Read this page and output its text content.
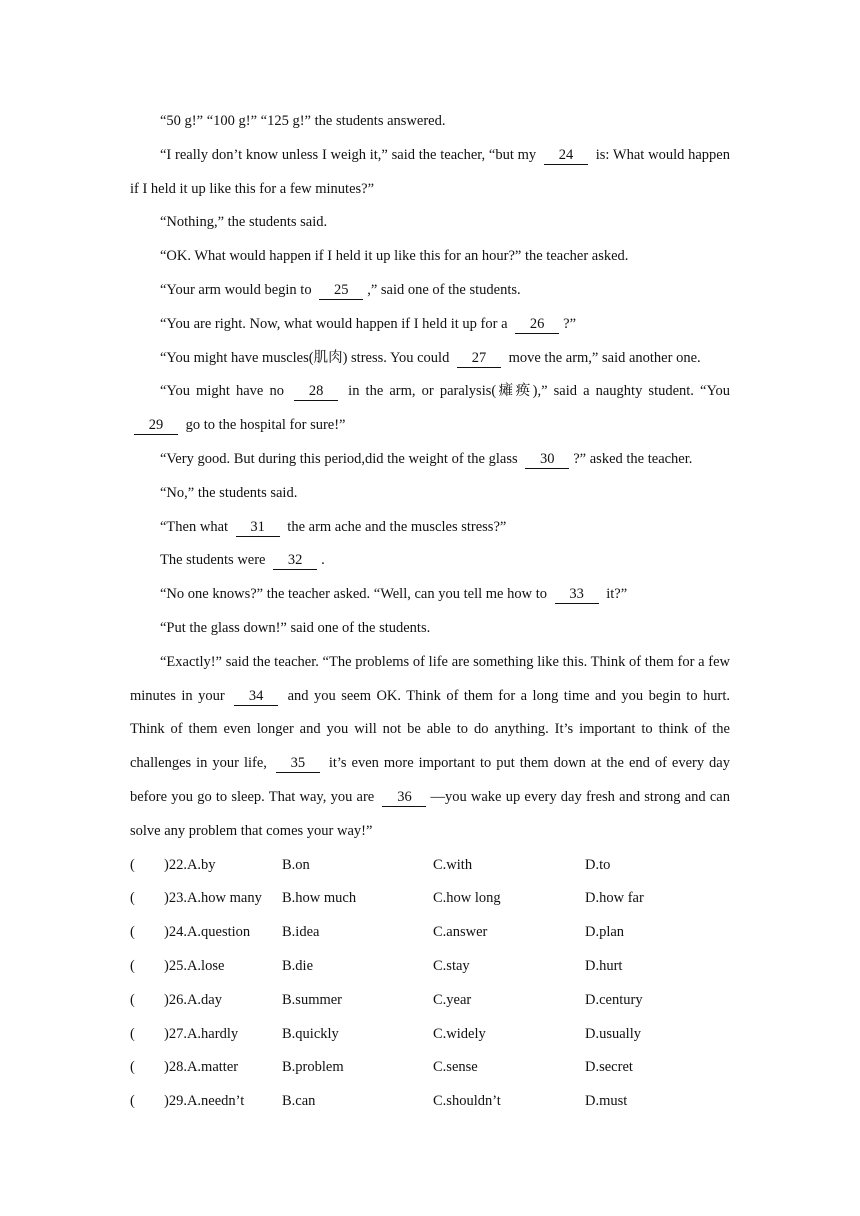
“50 g!” “100 g!” “125 g!” the students answered.

“I really don’t know unless I weigh it,” said the teacher, “but my 24 is: What would happen if I held it up like this for a few minutes?”

“Nothing,” the students said.

“OK. What would happen if I held it up like this for an hour?” the teacher asked.

“Your arm would begin to 25 ,” said one of the students.

“You are right. Now, what would happen if I held it up for a 26 ?”

“You might have muscles(肌肉) stress. You could 27 move the arm,” said another one.

“You might have no 28 in the arm, or paralysis(瘫痪),” said a naughty student. “You 29 go to the hospital for sure!”

“Very good. But during this period,did the weight of the glass 30 ?” asked the teacher.

“No,” the students said.

“Then what 31 the arm ache and the muscles stress?”

The students were 32 .

“No one knows?” the teacher asked. “Well, can you tell me how to 33 it?”

“Put the glass down!” said one of the students.

“Exactly!” said the teacher. “The problems of life are something like this. Think of them for a few minutes in your 34 and you seem OK. Think of them for a long time and you begin to hurt. Think of them even longer and you will not be able to do anything. It’s important to think of the challenges in your life, 35 it’s even more important to put them down at the end of every day before you go to sleep. That way, you are 36 —you wake up every day fresh and strong and can solve any problem that comes your way!”

(	)22.A.by	B.on	C.with	D.to
(	)23.A.how many	B.how much	C.how long	D.how far
(	)24.A.question	B.idea	C.answer	D.plan
(	)25.A.lose	B.die	C.stay	D.hurt
(	)26.A.day	B.summer	C.year	D.century
(	)27.A.hardly	B.quickly	C.widely	D.usually
(	)28.A.matter	B.problem	C.sense	D.secret
(	)29.A.needn’t	B.can	C.shouldn’t	D.must
